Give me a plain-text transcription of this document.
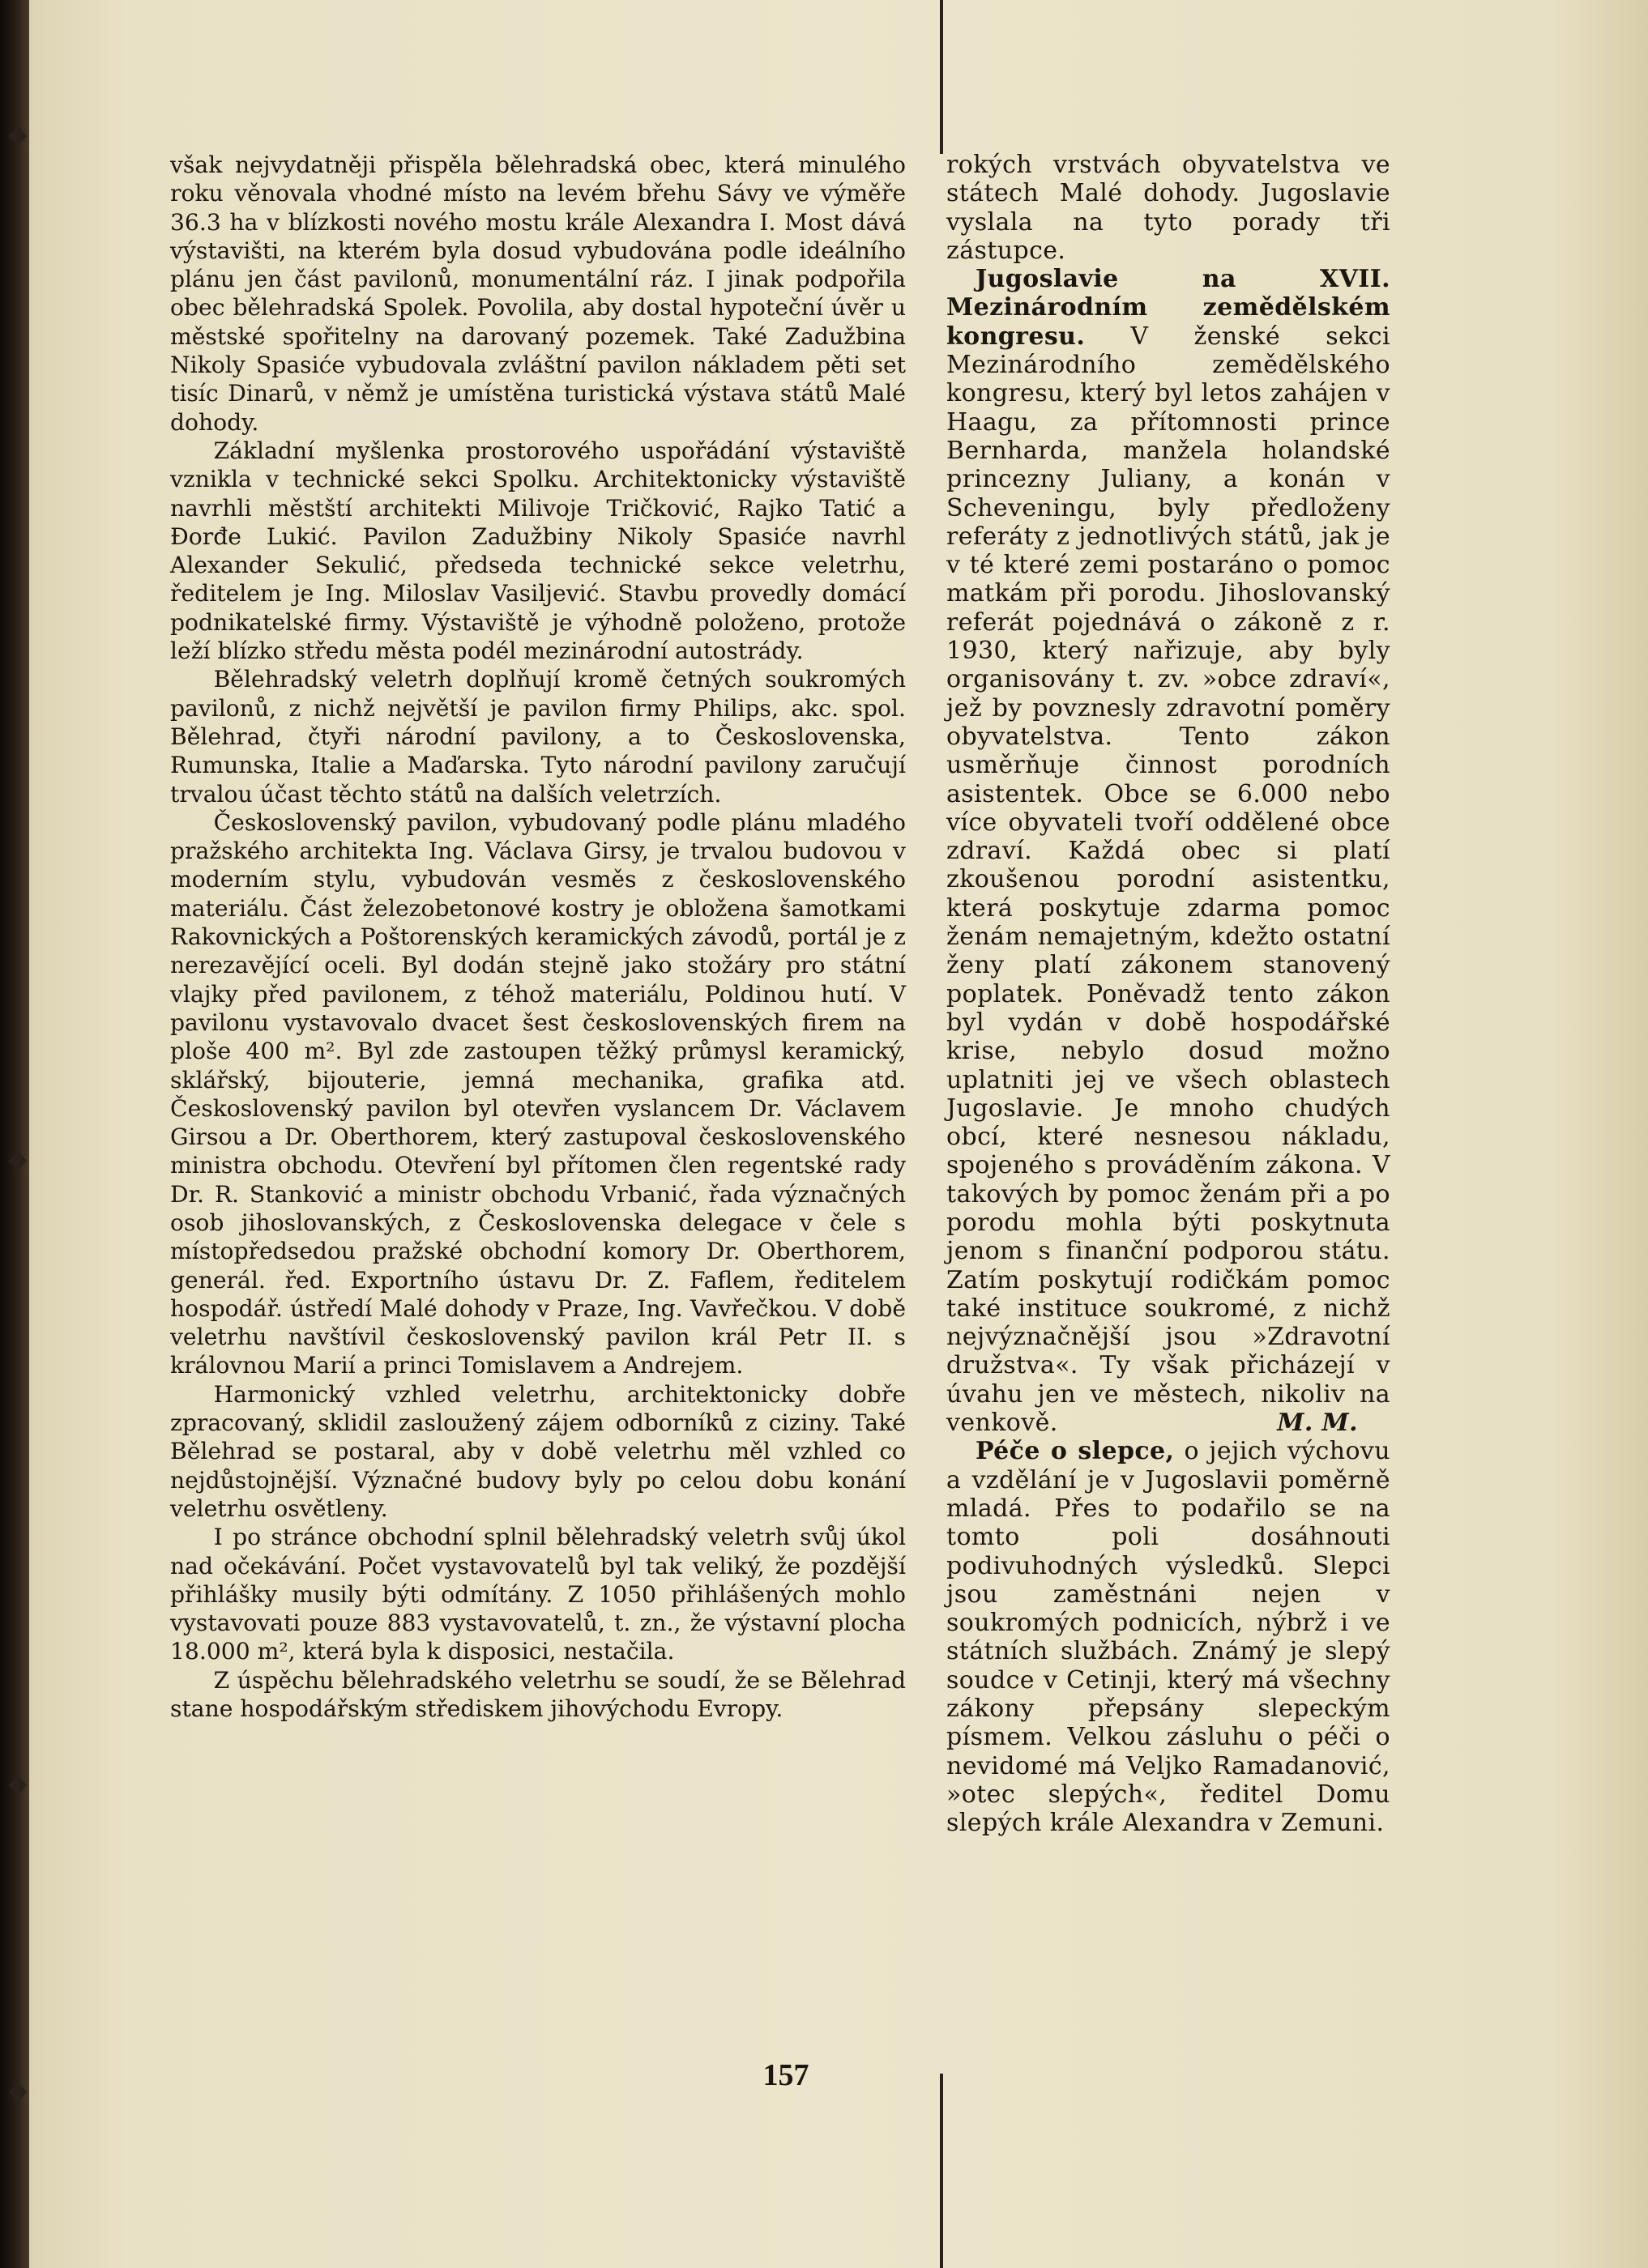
však nejvydatněji přispěla bělehradská obec, která minulého roku věnovala vhodné místo na levém břehu Sávy ve výměře 36.3 ha v blízkosti nového mostu krále Alexandra I. Most dává výstavišti, na kterém byla dosud vybudována podle ideálního plánu jen část pavilonů, monumentální ráz. I jinak podpořila obec bělehradská Spolek. Povolila, aby dostal hypoteční úvěr u městské spořitelny na darovaný pozemek. Také Zadužbina Nikoly Spasiće vybudovala zvláštní pavilon nákladem pěti set tisíc Dinarů, v němž je umístěna turistická výstava států Malé dohody.

Základní myšlenka prostorového uspořádání výstaviště vznikla v technické sekci Spolku. Architektonicky výstaviště navrhli městští architekti Milivoje Tričković, Rajko Tatić a Đorđe Lukić. Pavilon Zadužbiny Nikoly Spasiće navrhl Alexander Sekulić, předseda technické sekce veletrhu, ředitelem je Ing. Miloslav Vasiljević. Stavbu provedly domácí podnikatelské firmy. Výstaviště je výhodně položeno, protože leží blízko středu města podél mezinárodní autostrády.

Bělehradský veletrh doplňují kromě četných soukromých pavilonů, z nichž největší je pavilon firmy Philips, akc. spol. Bělehrad, čtyři národní pavilony, a to Československa, Rumunska, Italie a Maďarska. Tyto národní pavilony zaručují trvalou účast těchto států na dalších veletrzích.

Československý pavilon, vybudovaný podle plánu mladého pražského architekta Ing. Václava Girsy, je trvalou budovou v moderním stylu, vybudován vesměs z československého materiálu. Část železobetonové kostry je obložena šamotkami Rakovnických a Poštorenských keramických závodů, portál je z nerezavějící oceli. Byl dodán stejně jako stožáry pro státní vlajky před pavilonem, z téhož materiálu, Poldinou hutí. V pavilonu vystavovalo dvacet šest československých firem na ploše 400 m². Byl zde zastoupen těžký průmysl keramický, sklářský, bijouterie, jemná mechanika, grafika atd. Československý pavilon byl otevřen vyslancem Dr. Václavem Girsou a Dr. Oberthorem, který zastupoval československého ministra obchodu. Otevření byl přítomen člen regentské rady Dr. R. Stanković a ministr obchodu Vrbanić, řada význačných osob jihoslovanských, z Československa delegace v čele s místopředsedou pražské obchodní komory Dr. Oberthorem, generál. řed. Exportního ústavu Dr. Z. Faflem, ředitelem hospodář. ústředí Malé dohody v Praze, Ing. Vavřečkou. V době veletrhu navštívil československý pavilon král Petr II. s královnou Marií a princi Tomislavem a Andrejem.

Harmonický vzhled veletrhu, architektonicky dobře zpracovaný, sklidil zasloužený zájem odborníků z ciziny. Také Bělehrad se postaral, aby v době veletrhu měl vzhled co nejdůstojnější. Význačné budovy byly po celou dobu konání veletrhu osvětleny.

I po stránce obchodní splnil bělehradský veletrh svůj úkol nad očekávání. Počet vystavovatelů byl tak veliký, že pozdější přihlášky musily býti odmítány. Z 1050 přihlášených mohlo vystavovati pouze 883 vystavovatelů, t. zn., že výstavní plocha 18.000 m², která byla k disposici, nestačila.

Z úspěchu bělehradského veletrhu se soudí, že se Bělehrad stane hospodářským střediskem jihovýchodu Evropy.

rokých vrstvách obyvatelstva ve státech Malé dohody. Jugoslavie vyslala na tyto porady tři zástupce.

Jugoslavie na XVII. Mezinárodním zemědělském kongresu. V ženské sekci Mezinárodního zemědělského kongresu, který byl letos zahájen v Haagu, za přítomnosti prince Bernharda, manžela holandské princezny Juliany, a konán v Scheveningu, byly předloženy referáty z jednotlivých států, jak je v té které zemi postaráno o pomoc matkám při porodu. Jihoslovanský referát pojednává o zákoně z r. 1930, který nařizuje, aby byly organisovány t. zv. »obce zdraví«, jež by povznesly zdravotní poměry obyvatelstva. Tento zákon usměrňuje činnost porodních asistentek. Obce se 6.000 nebo více obyvateli tvoří oddělené obce zdraví. Každá obec si platí zkoušenou porodní asistentku, která poskytuje zdarma pomoc ženám nemajetným, kdežto ostatní ženy platí zákonem stanovený poplatek. Poněvadž tento zákon byl vydán v době hospodářské krise, nebylo dosud možno uplatniti jej ve všech oblastech Jugoslavie. Je mnoho chudých obcí, které nesnesou nákladu, spojeného s prováděním zákona. V takových by pomoc ženám při a po porodu mohla býti poskytnuta jenom s finanční podporou státu. Zatím poskytují rodičkám pomoc také instituce soukromé, z nichž nejvýznačnější jsou »Zdravotní družstva«. Ty však přicházejí v úvahu jen ve městech, nikoliv na venkově.	M. M.

Péče o slepce, o jejich výchovu a vzdělání je v Jugoslavii poměrně mladá. Přes to podařilo se na tomto poli dosáhnouti podivuhodných výsledků. Slepci jsou zaměstnáni nejen v soukromých podnicích, nýbrž i ve státních službách. Známý je slepý soudce v Cetinji, který má všechny zákony přepsány slepeckým písmem. Velkou zásluhu o péči o nevidomé má Veljko Ramadanović, »otec slepých«, ředitel Domu slepých krále Alexandra v Zemuni.

157
